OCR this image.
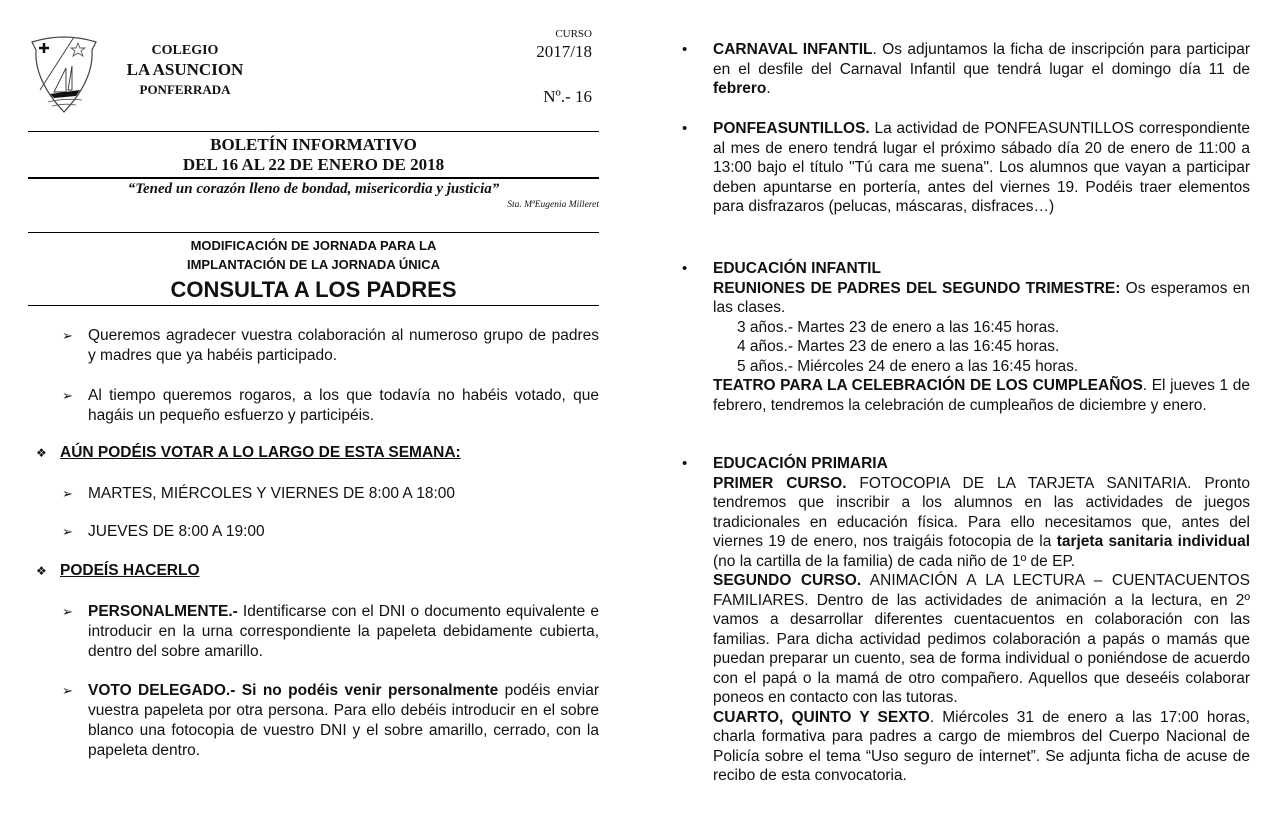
COLEGIO
LA ASUNCION
PONFERRADA
CURSO
2017/18
Nº.- 16
BOLETÍN INFORMATIVO
DEL 16 AL 22 DE ENERO DE 2018
“Tened un corazón lleno de bondad, misericordia y justicia”
Sta. MªEugenia Milleret
MODIFICACIÓN DE JORNADA PARA LA
IMPLANTACIÓN DE LA JORNADA ÚNICA
CONSULTA A LOS PADRES
➢ Queremos agradecer vuestra colaboración al numeroso grupo de padres y madres que ya habéis participado.
➢ Al tiempo queremos rogaros, a los que todavía no habéis votado, que hagáis un pequeño esfuerzo y participéis.
❖ AÚN PODÉIS VOTAR A LO LARGO DE ESTA SEMANA:
➢ MARTES, MIÉRCOLES Y VIERNES DE 8:00 A 18:00
➢ JUEVES DE 8:00 A 19:00
❖ PODEÍS HACERLO
➢ PERSONALMENTE.- Identificarse con el DNI o documento equivalente e introducir en la urna correspondiente la papeleta debidamente cubierta, dentro del sobre amarillo.
➢ VOTO DELEGADO.- Si no podéis venir personalmente podéis enviar vuestra papeleta por otra persona. Para ello debéis introducir en el sobre blanco una fotocopia de vuestro DNI y el sobre amarillo, cerrado, con la papeleta dentro.
• CARNAVAL INFANTIL. Os adjuntamos la ficha de inscripción para participar en el desfile del Carnaval Infantil que tendrá lugar el domingo día 11 de febrero.
• PONFEASUNTILLOS. La actividad de PONFEASUNTILLOS correspondiente al mes de enero tendrá lugar el próximo sábado día 20 de enero de 11:00 a 13:00 bajo el título "Tú cara me suena". Los alumnos que vayan a participar deben apuntarse en portería, antes del viernes 19. Podéis traer elementos para disfrazaros (pelucas, máscaras, disfraces…)
• EDUCACIÓN INFANTIL
REUNIONES DE PADRES DEL SEGUNDO TRIMESTRE: Os esperamos en las clases.
3 años.- Martes 23 de enero a las 16:45 horas.
4 años.- Martes 23 de enero a las 16:45 horas.
5 años.- Miércoles 24 de enero a las 16:45 horas.
TEATRO PARA LA CELEBRACIÓN DE LOS CUMPLEAÑOS. El jueves 1 de febrero, tendremos la celebración de cumpleaños de diciembre y enero.
• EDUCACIÓN PRIMARIA
PRIMER CURSO. FOTOCOPIA DE LA TARJETA SANITARIA. Pronto tendremos que inscribir a los alumnos en las actividades de juegos tradicionales en educación física. Para ello necesitamos que, antes del viernes 19 de enero, nos traigáis fotocopia de la tarjeta sanitaria individual (no la cartilla de la familia) de cada niño de 1º de EP.
SEGUNDO CURSO. ANIMACIÓN A LA LECTURA – CUENTACUENTOS FAMILIARES. Dentro de las actividades de animación a la lectura, en 2º vamos a desarrollar diferentes cuentacuentos en colaboración con las familias. Para dicha actividad pedimos colaboración a papás o mamás que puedan preparar un cuento, sea de forma individual o poniéndose de acuerdo con el papá o la mamá de otro compañero. Aquellos que deseéis colaborar poneos en contacto con las tutoras.
CUARTO, QUINTO Y SEXTO. Miércoles 31 de enero a las 17:00 horas, charla formativa para padres a cargo de miembros del Cuerpo Nacional de Policía sobre el tema “Uso seguro de internet”. Se adjunta ficha de acuse de recibo de esta convocatoria.
